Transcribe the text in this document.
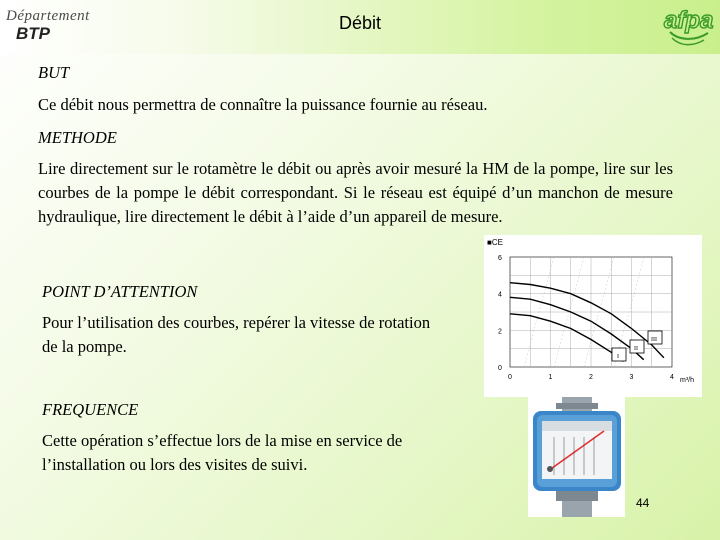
Département
BTP
Débit	afpa
BUT
Ce débit nous permettra de connaître la puissance fournie au réseau.
METHODE
Lire directement sur le rotamètre le débit ou après avoir mesuré la HM de la pompe, lire sur les courbes de la pompe le débit correspondant. Si le réseau est équipé d’un manchon de mesure hydraulique, lire directement le débit à l’aide d’un appareil de mesure.
POINT D’ATTENTION
Pour l’utilisation des courbes, repérer la vitesse de rotation de la pompe.
FREQUENCE
Cette opération s’effectue lors de la mise en service de l’installation ou lors des visites de suivi.
■CE
0	1	2	3	4
0
2
4
6
m³/h
III
II
I
44
